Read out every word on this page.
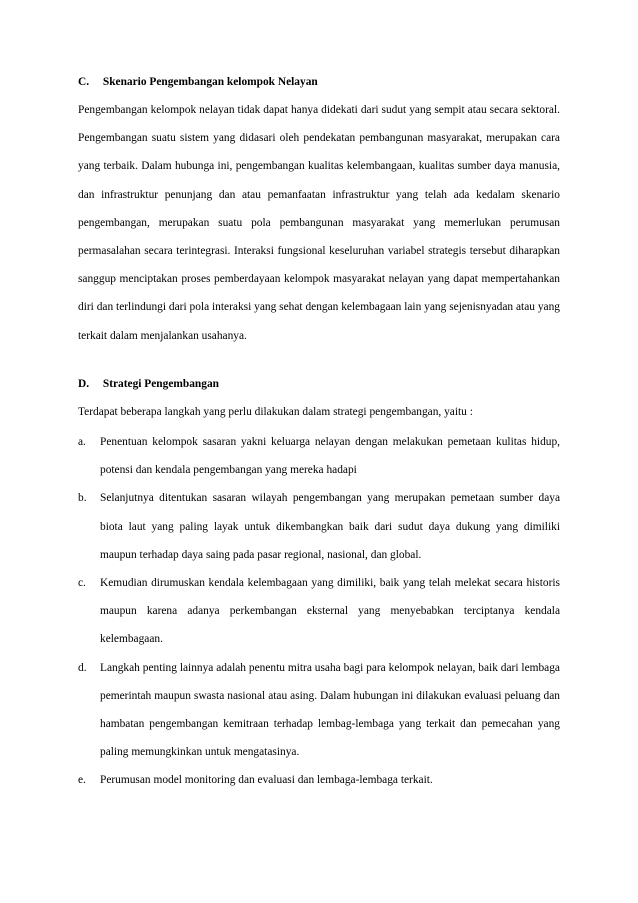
C. Skenario Pengembangan kelompok Nelayan

Pengembangan kelompok nelayan tidak dapat hanya didekati dari sudut yang sempit atau secara sektoral. Pengembangan suatu sistem yang didasari oleh pendekatan pembangunan masyarakat, merupakan cara yang terbaik. Dalam hubunga ini, pengembangan kualitas kelembangaan, kualitas sumber daya manusia, dan infrastruktur penunjang dan atau pemanfaatan infrastruktur yang telah ada kedalam skenario pengembangan, merupakan suatu pola pembangunan masyarakat yang memerlukan perumusan permasalahan secara terintegrasi. Interaksi fungsional keseluruhan variabel strategis tersebut diharapkan sanggup menciptakan proses pemberdayaan kelompok masyarakat nelayan yang dapat mempertahankan diri dan terlindungi dari pola interaksi yang sehat dengan kelembagaan lain yang sejenisnyadan atau yang terkait dalam menjalankan usahanya.

D. Strategi Pengembangan

Terdapat beberapa langkah yang perlu dilakukan dalam strategi pengembangan, yaitu :

a. Penentuan kelompok sasaran yakni keluarga nelayan dengan melakukan pemetaan kulitas hidup, potensi dan kendala pengembangan yang mereka hadapi
b. Selanjutnya ditentukan sasaran wilayah pengembangan yang merupakan pemetaan sumber daya biota laut yang paling layak untuk dikembangkan baik dari sudut daya dukung yang dimiliki maupun terhadap daya saing pada pasar regional, nasional, dan global.
c. Kemudian dirumuskan kendala kelembagaan yang dimiliki, baik yang telah melekat secara historis maupun karena adanya perkembangan eksternal yang menyebabkan terciptanya kendala kelembagaan.
d. Langkah penting lainnya adalah penentu mitra usaha bagi para kelompok nelayan, baik dari lembaga pemerintah maupun swasta nasional atau asing. Dalam hubungan ini dilakukan evaluasi peluang dan hambatan pengembangan kemitraan terhadap lembag-lembaga yang terkait dan pemecahan yang paling memungkinkan untuk mengatasinya.
e. Perumusan model monitoring dan evaluasi dan lembaga-lembaga terkait.
